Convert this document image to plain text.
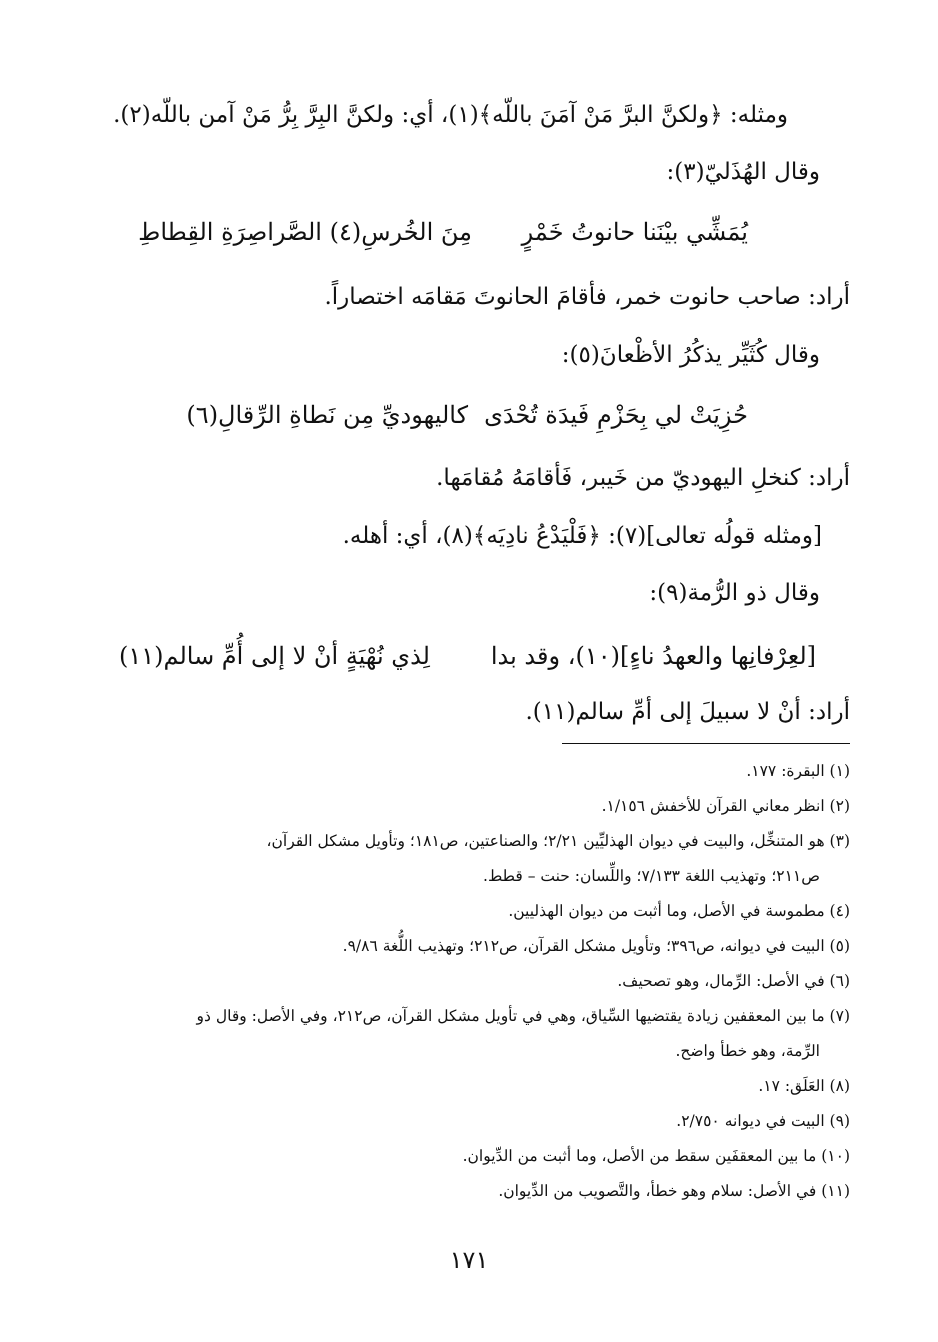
ومثله: ﴿ولكنَّ البرَّ مَنْ آمَنَ باللّه﴾(١)، أي: ولكنَّ البِرَّ بِرُّ مَنْ آمن باللّه(٢).
وقال الهُذَليّ(٣):
يُمَشِّي بيْنَنا حانوتُ خَمْرٍ
مِنَ الخُرسِ(٤) الصَّراصِرَةِ القِطاطِ
أراد: صاحب حانوت خمر، فأقامَ الحانوتَ مَقامَه اختصاراً.
وقال كُثَيِّر يذكُرُ الأظْعانَ(٥):
حُزِيَتْ لي بِحَزْمِ فَيدَة تُحْدَى
كاليهوديِّ مِن نَطاةِ الرِّقالِ(٦)
أراد: كنخلِ اليهوديّ من خَيبر، فَأقامَهُ مُقامَها.
[ومثله قولُه تعالى](٧): ﴿فَلْيَدْعُ نادِيَه﴾(٨)، أي: أهله.
وقال ذو الرُّمة(٩):
[لعِرْفانِها والعهدُ ناءٍ](١٠)، وقد بدا
لِذي نُهْيَةٍ أنْ لا إلى أُمِّ سالم(١١)
أراد: أنْ لا سبيلَ إلى أمِّ سالم(١١).
(١) البقرة: ١٧٧.
(٢) انظر معاني القرآن للأخفش ١/١٥٦.
(٣) هو المتنخِّل، والبيت في ديوان الهذليِّين ٢/٢١؛ والصناعتين، ص١٨١؛ وتأويل مشكل القرآن،
ص٢١١؛ وتهذيب اللغة ٧/١٣٣؛ واللِّسان: حنت – قطط.
(٤) مطموسة في الأصل، وما أثبت من ديوان الهذليين.
(٥) البيت في ديوانه، ص٣٩٦؛ وتأويل مشكل القرآن، ص٢١٢؛ وتهذيب اللُّغة ٩/٨٦.
(٦) في الأصل: الرِّمال، وهو تصحيف.
(٧) ما بين المعقفين زيادة يقتضيها السِّياق، وهي في تأويل مشكل القرآن، ص٢١٢، وفي الأصل: وقال ذو
الرِّمة، وهو خطأ واضح.
(٨) العَلَق: ١٧.
(٩) البيت في ديوانه ٢/٧٥٠.
(١٠) ما بين المعقفَين سقط من الأصل، وما أثبت من الدِّيوان.
(١١) في الأصل: سلام وهو خطأ، والتَّصويب من الدِّيوان.
١٧١
